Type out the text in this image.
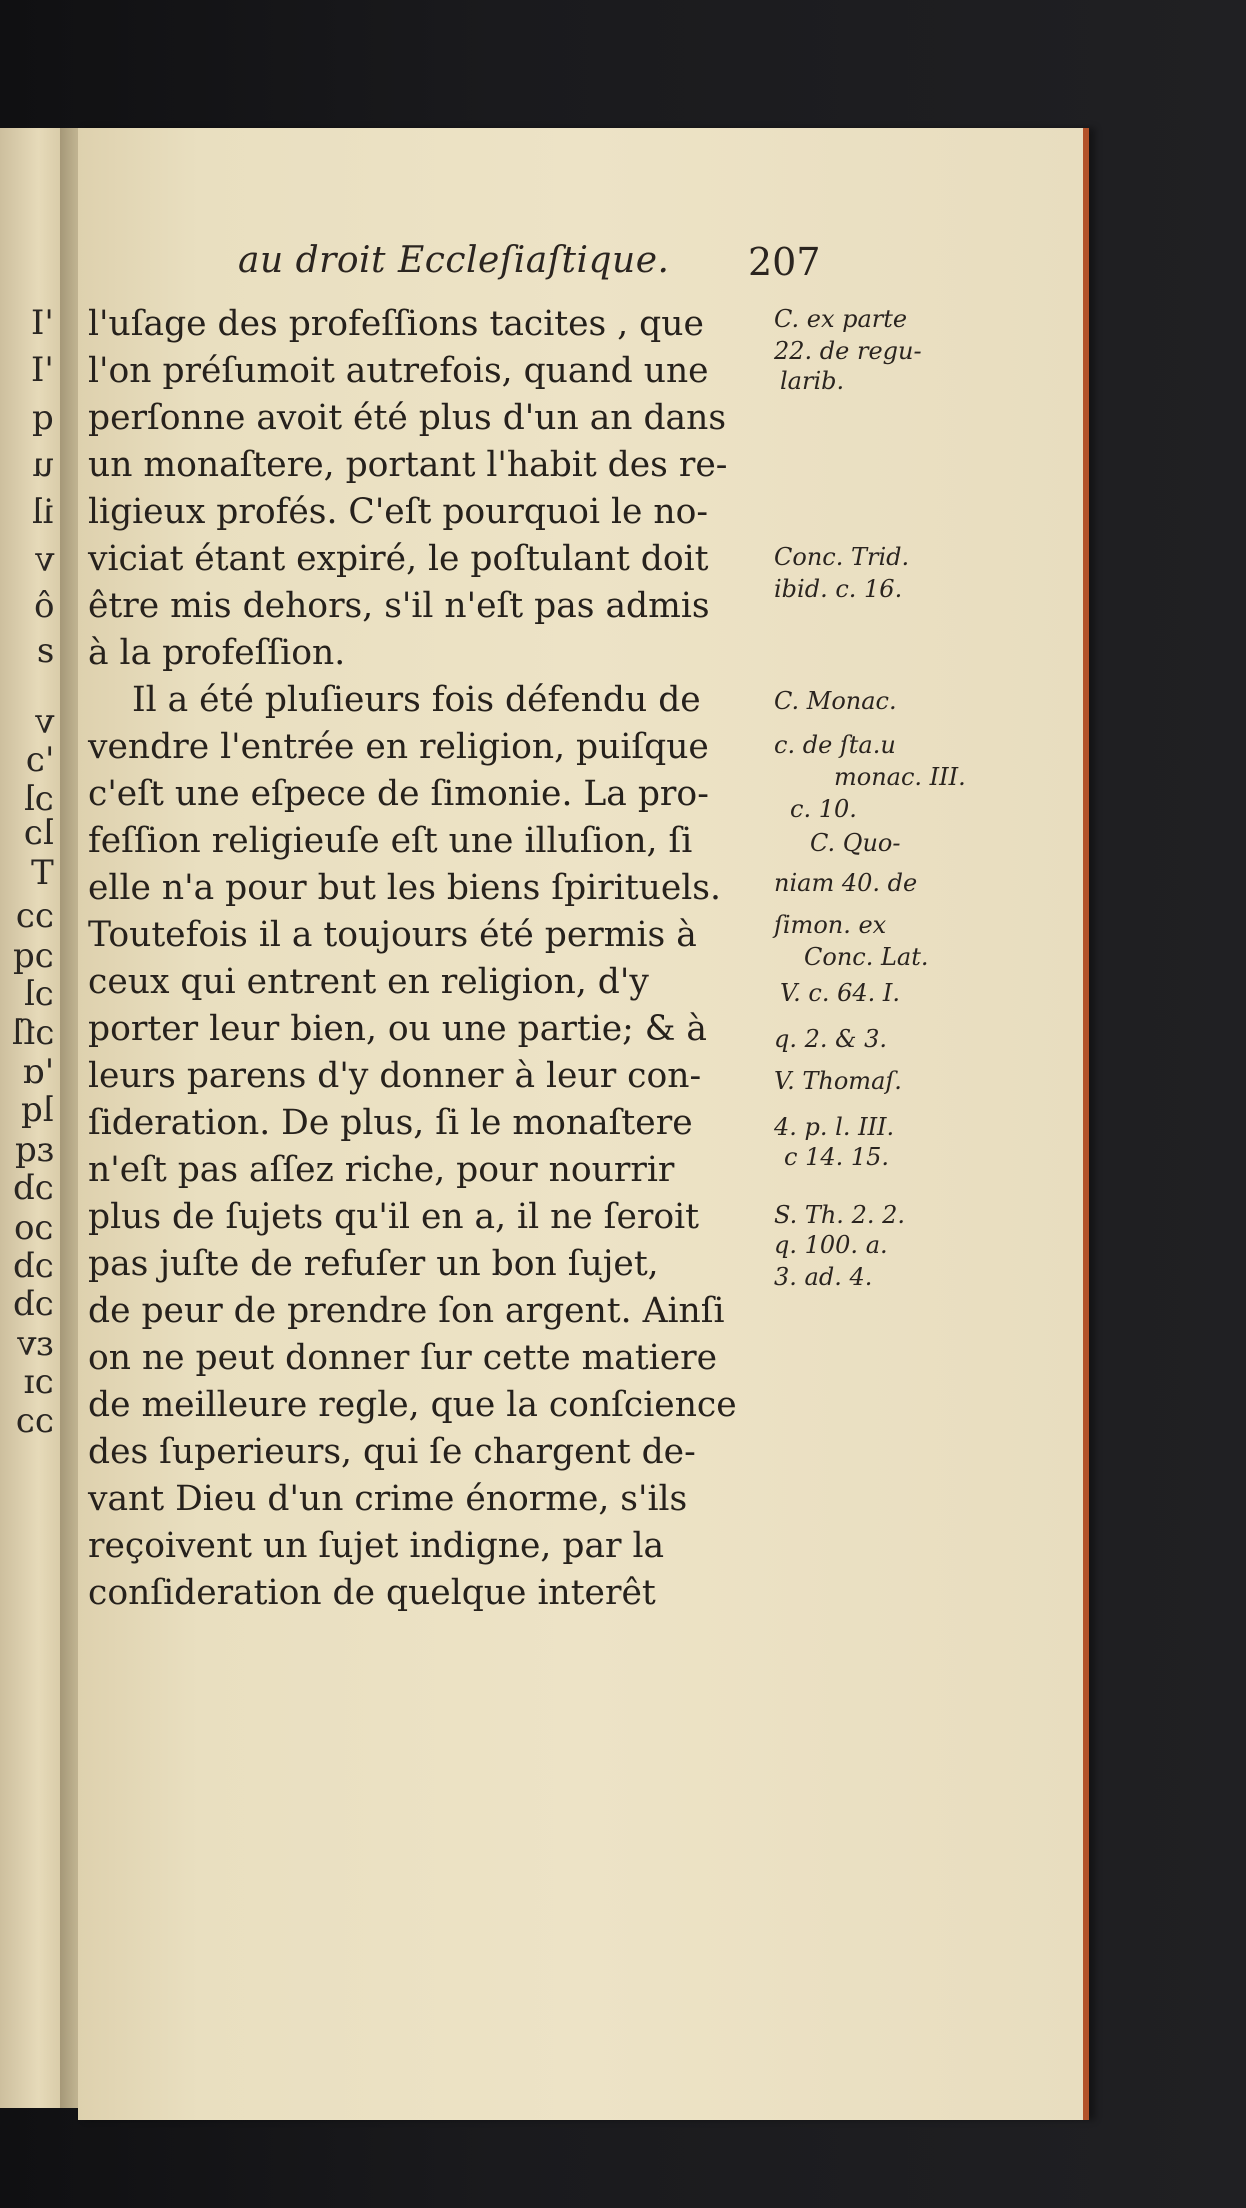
'I
'I
q
u
il
v
ô
ƨ
v
'ɔ
ɔl
lɔ
T
ɔɔ
ɔq
ɔl
ɔſl
'ɑ
lq
ɛq
ɔb
ɔo
ɔb
ɔb
ɛv
ɔɪ
ɔɔ
au droit Eccleſiaſtique. 207
l'uſage des profeſſions tacites , que
l'on préſumoit autrefois, quand une
perſonne avoit été plus d'un an dans
un monaſtere, portant l'habit des re-
ligieux profés. C'eſt pourquoi le no-
viciat étant expiré, le poſtulant doit
être mis dehors, s'il n'eſt pas admis
à la profeſſion.
Il a été pluſieurs fois défendu de
vendre l'entrée en religion, puiſque
c'eſt une eſpece de ſimonie. La pro-
feſſion religieuſe eſt une illuſion, ſi
elle n'a pour but les biens ſpirituels.
Toutefois il a toujours été permis à
ceux qui entrent en religion, d'y
porter leur bien, ou une partie; & à
leurs parens d'y donner à leur con-
ſideration. De plus, ſi le monaſtere
n'eſt pas aſſez riche, pour nourrir
plus de ſujets qu'il en a, il ne ſeroit
pas juſte de refuſer un bon ſujet,
de peur de prendre ſon argent. Ainſi
on ne peut donner ſur cette matiere
de meilleure regle, que la conſcience
des ſuperieurs, qui ſe chargent de-
vant Dieu d'un crime énorme, s'ils
reçoivent un ſujet indigne, par la
conſideration de quelque interêt
C. ex parte
22. de regu-
larib.
Conc. Trid.
ibid. c. 16.
C. Monac.
c. de ſta.u
monac. III.
c. 10.
C. Quo-
niam 40. de
ſimon. ex
Conc. Lat.
V. c. 64. I.
q. 2. & 3.
V. Thomaſ.
4. p. l. III.
c 14. 15.
S. Th. 2. 2.
q. 100. a.
3. ad. 4.
